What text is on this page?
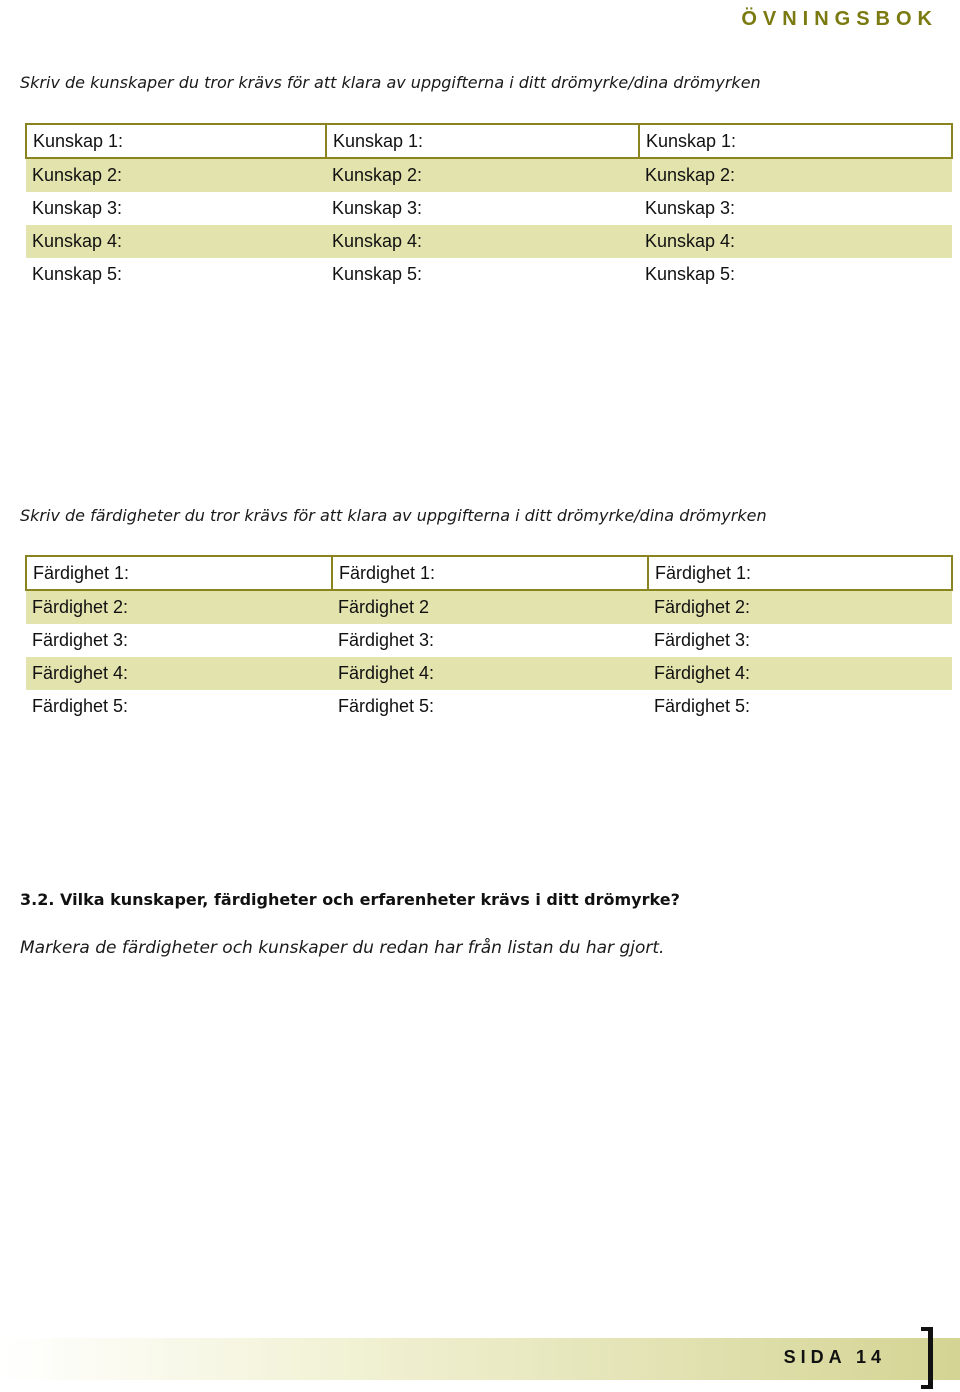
ÖVNINGSBOK
Skriv de kunskaper du tror krävs för att klara av uppgifterna i ditt drömyrke/dina drömyrken
Kunskap 1:	Kunskap 1:	Kunskap 1:
Kunskap 2:	Kunskap 2:	Kunskap 2:
Kunskap 3:	Kunskap 3:	Kunskap 3:
Kunskap 4:	Kunskap 4:	Kunskap 4:
Kunskap 5:	Kunskap 5:	Kunskap 5:
Skriv de färdigheter du tror krävs för att klara av uppgifterna i ditt drömyrke/dina drömyrken
Färdighet 1:	Färdighet 1:	Färdighet 1:
Färdighet 2:	Färdighet 2	Färdighet 2:
Färdighet 3:	Färdighet 3:	Färdighet 3:
Färdighet 4:	Färdighet 4:	Färdighet 4:
Färdighet 5:	Färdighet 5:	Färdighet 5:
3.2. Vilka kunskaper, färdigheter och erfarenheter krävs i ditt drömyrke?
Markera de färdigheter och kunskaper du redan har från listan du har gjort.
SIDA 14
